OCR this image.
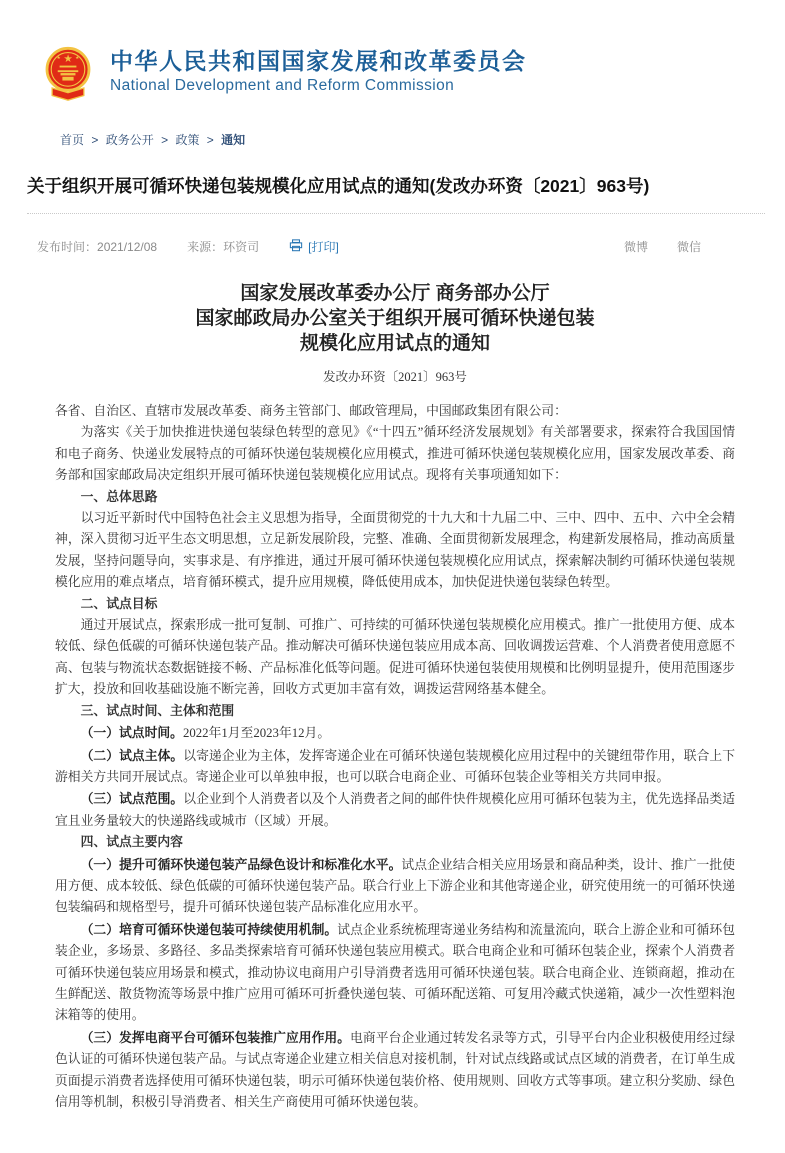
★
★	★ 中华人民共和国国家发展和改革委员会
National Development and Reform Commission
首页 > 政务公开 > 政策 > 通知
关于组织开展可循环快递包装规模化应用试点的通知(发改办环资〔2021〕963号)
发布时间：2021/12/08	来源：环资司	[打印]	微博 微信
国家发展改革委办公厅 商务部办公厅
国家邮政局办公室关于组织开展可循环快递包装
规模化应用试点的通知
发改办环资〔2021〕963号

各省、自治区、直辖市发展改革委、商务主管部门、邮政管理局，中国邮政集团有限公司：

为落实《关于加快推进快递包装绿色转型的意见》《“十四五”循环经济发展规划》有关部署要求，探索符合我国国情和电子商务、快递业发展特点的可循环快递包装规模化应用模式，推进可循环快递包装规模化应用，国家发展改革委、商务部和国家邮政局决定组织开展可循环快递包装规模化应用试点。现将有关事项通知如下：

一、总体思路

以习近平新时代中国特色社会主义思想为指导，全面贯彻党的十九大和十九届二中、三中、四中、五中、六中全会精神，深入贯彻习近平生态文明思想，立足新发展阶段，完整、准确、全面贯彻新发展理念，构建新发展格局，推动高质量发展，坚持问题导向，实事求是、有序推进，通过开展可循环快递包装规模化应用试点，探索解决制约可循环快递包装规模化应用的难点堵点，培育循环模式，提升应用规模，降低使用成本，加快促进快递包装绿色转型。

二、试点目标

通过开展试点，探索形成一批可复制、可推广、可持续的可循环快递包装规模化应用模式。推广一批使用方便、成本较低、绿色低碳的可循环快递包装产品。推动解决可循环快递包装应用成本高、回收调拨运营难、个人消费者使用意愿不高、包装与物流状态数据链接不畅、产品标准化低等问题。促进可循环快递包装使用规模和比例明显提升，使用范围逐步扩大，投放和回收基础设施不断完善，回收方式更加丰富有效，调拨运营网络基本健全。

三、试点时间、主体和范围

（一）试点时间。2022年1月至2023年12月。

（二）试点主体。以寄递企业为主体，发挥寄递企业在可循环快递包装规模化应用过程中的关键纽带作用，联合上下游相关方共同开展试点。寄递企业可以单独申报，也可以联合电商企业、可循环包装企业等相关方共同申报。

（三）试点范围。以企业到个人消费者以及个人消费者之间的邮件快件规模化应用可循环包装为主，优先选择品类适宜且业务量较大的快递路线或城市（区域）开展。

四、试点主要内容

（一）提升可循环快递包装产品绿色设计和标准化水平。试点企业结合相关应用场景和商品种类，设计、推广一批使用方便、成本较低、绿色低碳的可循环快递包装产品。联合行业上下游企业和其他寄递企业，研究使用统一的可循环快递包装编码和规格型号，提升可循环快递包装产品标准化应用水平。

（二）培育可循环快递包装可持续使用机制。试点企业系统梳理寄递业务结构和流量流向，联合上游企业和可循环包装企业，多场景、多路径、多品类探索培育可循环快递包装应用模式。联合电商企业和可循环包装企业，探索个人消费者可循环快递包装应用场景和模式，推动协议电商用户引导消费者选用可循环快递包装。联合电商企业、连锁商超，推动在生鲜配送、散货物流等场景中推广应用可循环可折叠快递包装、可循环配送箱、可复用冷藏式快递箱，减少一次性塑料泡沫箱等的使用。

（三）发挥电商平台可循环包装推广应用作用。电商平台企业通过转发名录等方式，引导平台内企业积极使用经过绿色认证的可循环快递包装产品。与试点寄递企业建立相关信息对接机制，针对试点线路或试点区域的消费者，在订单生成页面提示消费者选择使用可循环快递包装，明示可循环快递包装价格、使用规则、回收方式等事项。建立积分奖励、绿色信用等机制，积极引导消费者、相关生产商使用可循环快递包装。
